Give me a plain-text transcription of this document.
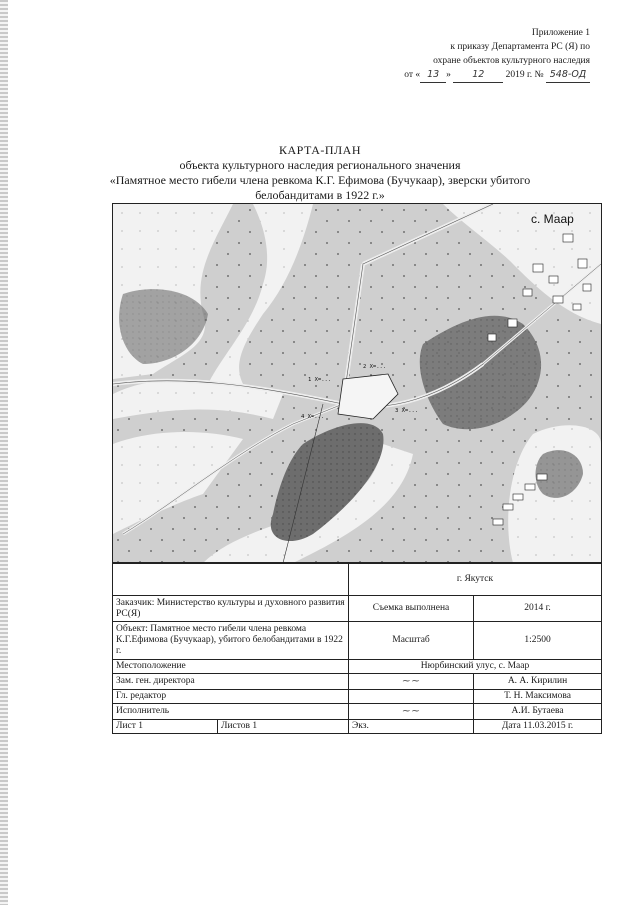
Приложение 1
к приказу Департамента РС (Я) по
охране объектов культурного наследия
от « 13 » 12 2019 г. № 548-ОД
КАРТА-ПЛАН
объекта культурного наследия регионального значения
«Памятное место гибели члена ревкома К.Г. Ефимова (Бучукаар), зверски убитого
белобандитами в 1922 г.»
с. Маар
1 X=...
2 X=...
3 X=...
4 X=...
		г. Якутск	
Заказчик: Министерство культуры и духовного развития РС(Я)		Съемка выполнена	2014 г.
Объект: Памятное место гибели члена ревкома К.Г.Ефимова (Бучукаар), убитого белобандитами в 1922 г.		Масштаб	1:2500
Местоположение		Нюрбинский улус, с. Маар	
Зам. ген. директора		~~	А. А. Кирилин
Гл. редактор			Т. Н. Максимова
Исполнитель		~~	А.И. Бутаева
Лист 1	Листов 1	Экз.	Дата 11.03.2015 г.
